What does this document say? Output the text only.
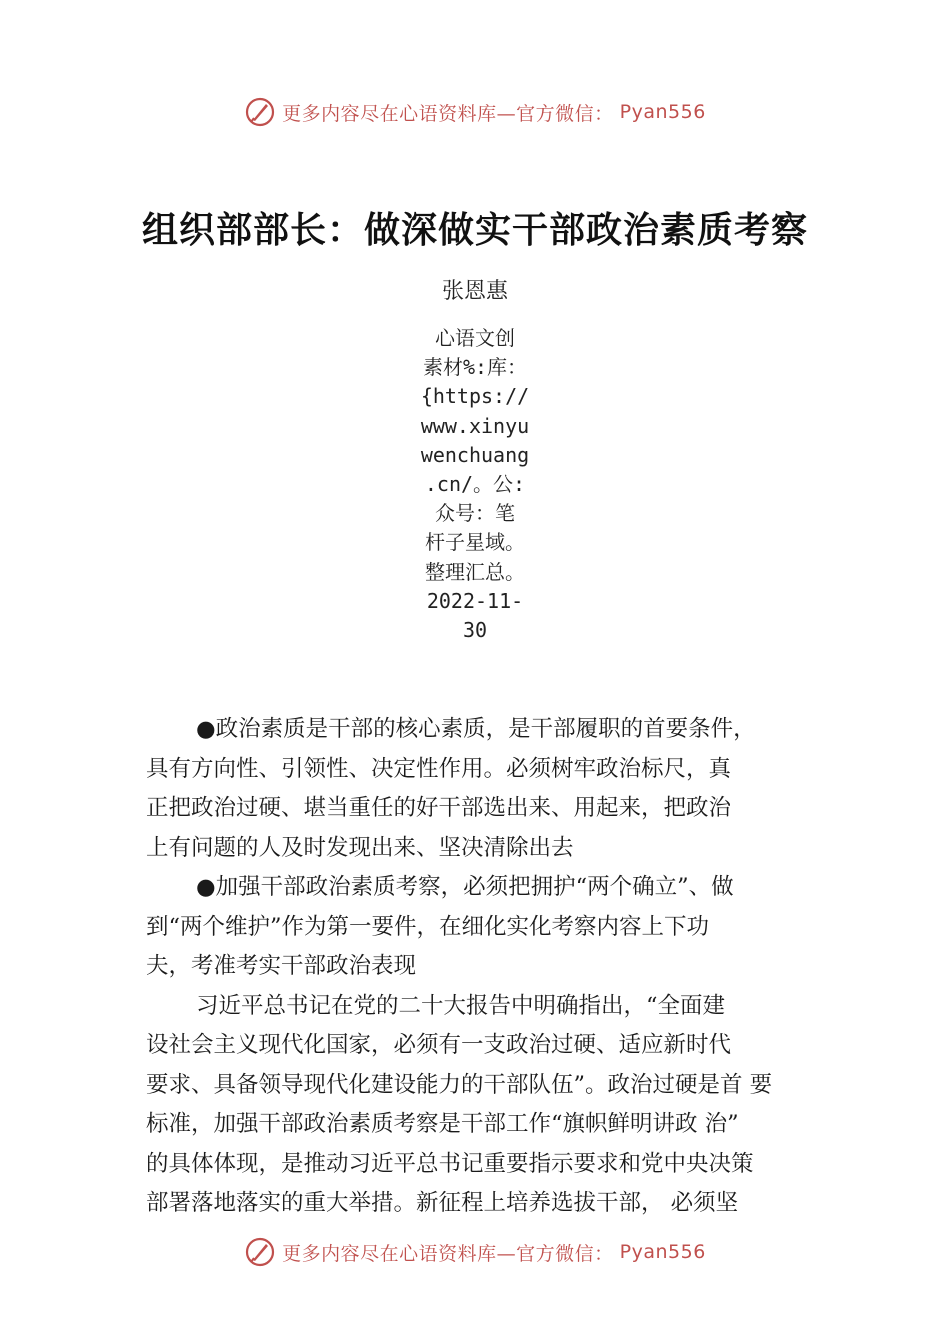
更多内容尽在心语资料库—官方微信： Pyan556
组织部部长：做深做实干部政治素质考察
张恩惠
心语文创
素材%:库：
{https://
www.xinyu
wenchuang
.cn/。公:
众号：笔
杆子星域。
整理汇总。
2022-11-
30

●政治素质是干部的核心素质，是干部履职的首要条件，
具有方向性、引领性、决定性作用。必须树牢政治标尺，真
正把政治过硬、堪当重任的好干部选出来、用起来，把政治
上有问题的人及时发现出来、坚决清除出去

●加强干部政治素质考察，必须把拥护“两个确立”、做
到“两个维护”作为第一要件，在细化实化考察内容上下功
夫，考准考实干部政治表现

习近平总书记在党的二十大报告中明确指出，“全面建
设社会主义现代化国家，必须有一支政治过硬、适应新时代
要求、具备领导现代化建设能力的干部队伍”。政治过硬是首 要
标准，加强干部政治素质考察是干部工作“旗帜鲜明讲政 治”
的具体体现，是推动习近平总书记重要指示要求和党中央决策
部署落地落实的重大举措。新征程上培养选拔干部， 必须坚

更多内容尽在心语资料库—官方微信： Pyan556
